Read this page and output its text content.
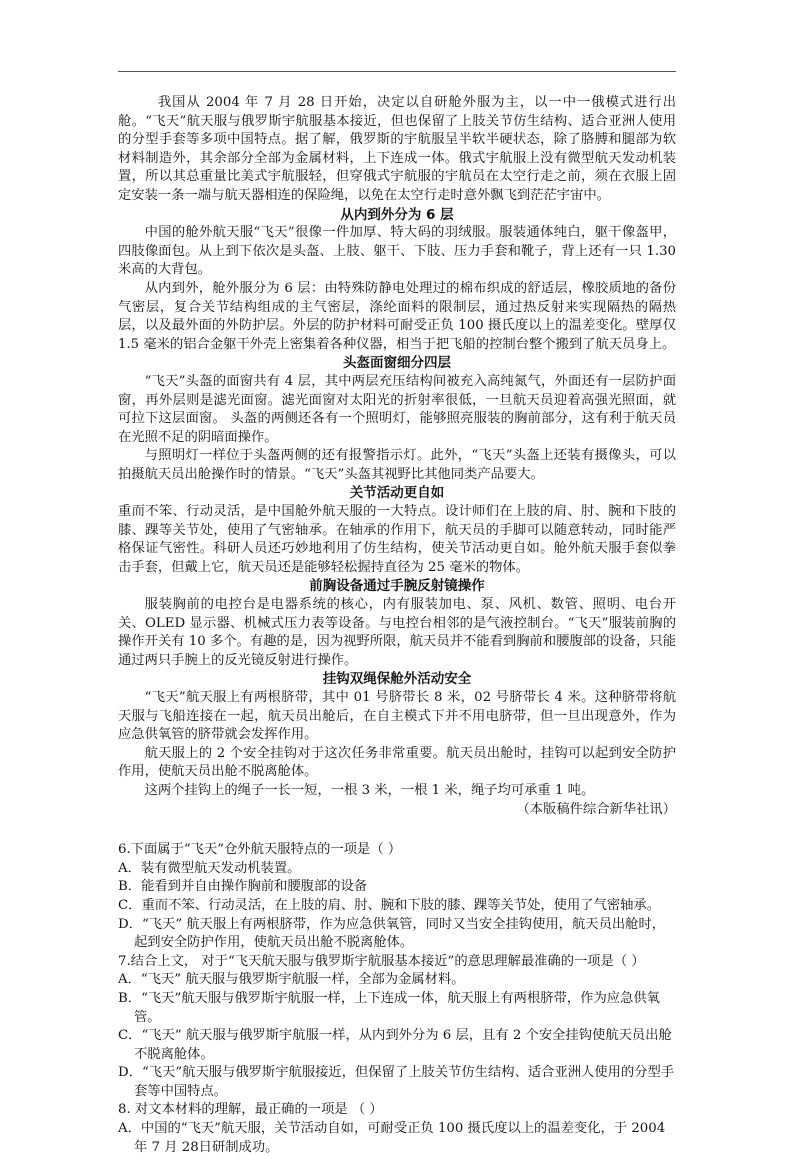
我国从 2004 年 7 月 28 日开始，决定以自研舱外服为主，以一中一俄模式进行出舱。“飞天”航天服与俄罗斯宇航服基本接近，但也保留了上肢关节仿生结构、适合亚洲人使用的分型手套等多项中国特点。据了解，俄罗斯的宇航服呈半软半硬状态，除了胳膊和腿部为软材料制造外，其余部分全部为金属材料，上下连成一体。俄式宇航服上没有微型航天发动机装置，所以其总重量比美式宇航服轻，但穿俄式宇航服的宇航员在太空行走之前，须在衣服上固定安装一条一端与航天器相连的保险绳，以免在太空行走时意外飘飞到茫茫宇宙中。

从内到外分为 6 层

中国的舱外航天服“飞天”很像一件加厚、特大码的羽绒服。服装通体纯白，躯干像盔甲，四肢像面包。从上到下依次是头盔、上肢、躯干、下肢、压力手套和靴子，背上还有一只 1.30 米高的大背包。

从内到外，舱外服分为 6 层：由特殊防静电处理过的棉布织成的舒适层，橡胶质地的备份气密层，复合关节结构组成的主气密层，涤纶面料的限制层，通过热反射来实现隔热的隔热层，以及最外面的外防护层。外层的防护材料可耐受正负 100 摄氏度以上的温差变化。壁厚仅 1.5 毫米的铝合金躯干外壳上密集着各种仪器，相当于把飞船的控制台整个搬到了航天员身上。

头盔面窗细分四层

“飞天”头盔的面窗共有 4 层，其中两层充压结构间被充入高纯氮气，外面还有一层防护面窗，再外层则是滤光面窗。滤光面窗对太阳光的折射率很低，一旦航天员迎着高强光照面，就可拉下这层面窗。 头盔的两侧还各有一个照明灯，能够照亮服装的胸前部分，这有利于航天员在光照不足的阴暗面操作。

与照明灯一样位于头盔两侧的还有报警指示灯。此外，“飞天”头盔上还装有摄像头，可以拍摄航天员出舱操作时的情景。“飞天”头盔其视野比其他同类产品要大。

关节活动更自如

重而不笨、行动灵活，是中国舱外航天服的一大特点。设计师们在上肢的肩、肘、腕和下肢的膝、踝等关节处，使用了气密轴承。在轴承的作用下，航天员的手脚可以随意转动，同时能严格保证气密性。科研人员还巧妙地利用了仿生结构，使关节活动更自如。舱外航天服手套似拳击手套，但戴上它，航天员还是能够轻松握持直径为 25 毫米的物体。

前胸设备通过手腕反射镜操作

服装胸前的电控台是电器系统的核心，内有服装加电、泵、风机、数管、照明、电台开关、OLED 显示器、机械式压力表等设备。与电控台相邻的是气液控制台。“飞天”服装前胸的操作开关有 10 多个。有趣的是，因为视野所限，航天员并不能看到胸前和腰腹部的设备，只能通过两只手腕上的反光镜反射进行操作。

挂钩双绳保舱外活动安全

“飞天”航天服上有两根脐带，其中 01 号脐带长 8 米，02 号脐带长 4 米。这种脐带将航天服与飞船连接在一起，航天员出舱后，在自主模式下并不用电脐带，但一旦出现意外，作为应急供氧管的脐带就会发挥作用。

航天服上的 2 个安全挂钩对于这次任务非常重要。航天员出舱时，挂钩可以起到安全防护作用，使航天员出舱不脱离舱体。

这两个挂钩上的绳子一长一短，一根 3 米，一根 1 米，绳子均可承重 1 吨。

（本版稿件综合新华社讯）

6.下面属于“飞天”仓外航天服特点的一项是（ ）

A．装有微型航天发动机装置。

B．能看到并自由操作胸前和腰腹部的设备

C．重而不笨、行动灵活，在上肢的肩、肘、腕和下肢的膝、踝等关节处，使用了气密轴承。

D．“飞天” 航天服上有两根脐带，作为应急供氧管，同时又当安全挂钩使用，航天员出舱时，起到安全防护作用，使航天员出舱不脱离舱体。

7.结合上文， 对于“飞天航天服与俄罗斯宇航服基本接近”的意思理解最准确的一项是（ ）

A．“飞天” 航天服与俄罗斯宇航服一样，全部为金属材料。

B．“飞天”航天服与俄罗斯宇航服一样，上下连成一体，航天服上有两根脐带，作为应急供氧管。

C．“飞天” 航天服与俄罗斯宇航服一样，从内到外分为 6 层，且有 2 个安全挂钩使航天员出舱不脱离舱体。

D．“飞天”航天服与俄罗斯宇航服接近，但保留了上肢关节仿生结构、适合亚洲人使用的分型手套等中国特点。

8. 对文本材料的理解，最正确的一项是 （ ）

A．中国的“飞天”航天服，关节活动自如，可耐受正负 100 摄氏度以上的温差变化，于 2004 年 7 月 28日研制成功。
